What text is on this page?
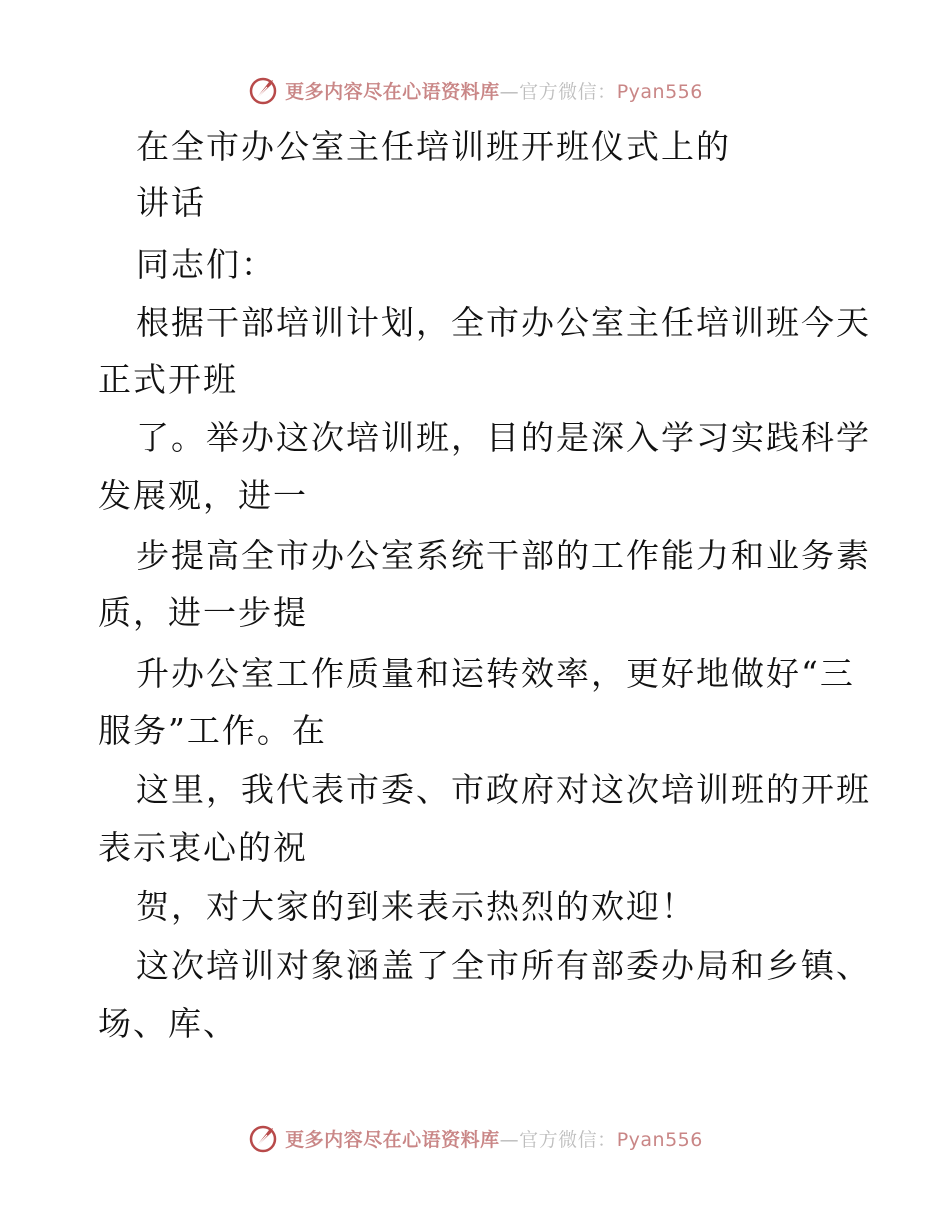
更多内容尽在心语资料库—官方微信：Pyan556
在全市办公室主任培训班开班仪式上的
讲话
同志们：
根据干部培训计划，全市办公室主任培训班今天
正式开班
了。举办这次培训班，目的是深入学习实践科学
发展观，进一
步提高全市办公室系统干部的工作能力和业务素
质，进一步提
升办公室工作质量和运转效率，更好地做好“三
服务”工作。在
这里，我代表市委、市政府对这次培训班的开班
表示衷心的祝
贺，对大家的到来表示热烈的欢迎！
这次培训对象涵盖了全市所有部委办局和乡镇、
场、库、
更多内容尽在心语资料库—官方微信：Pyan556
